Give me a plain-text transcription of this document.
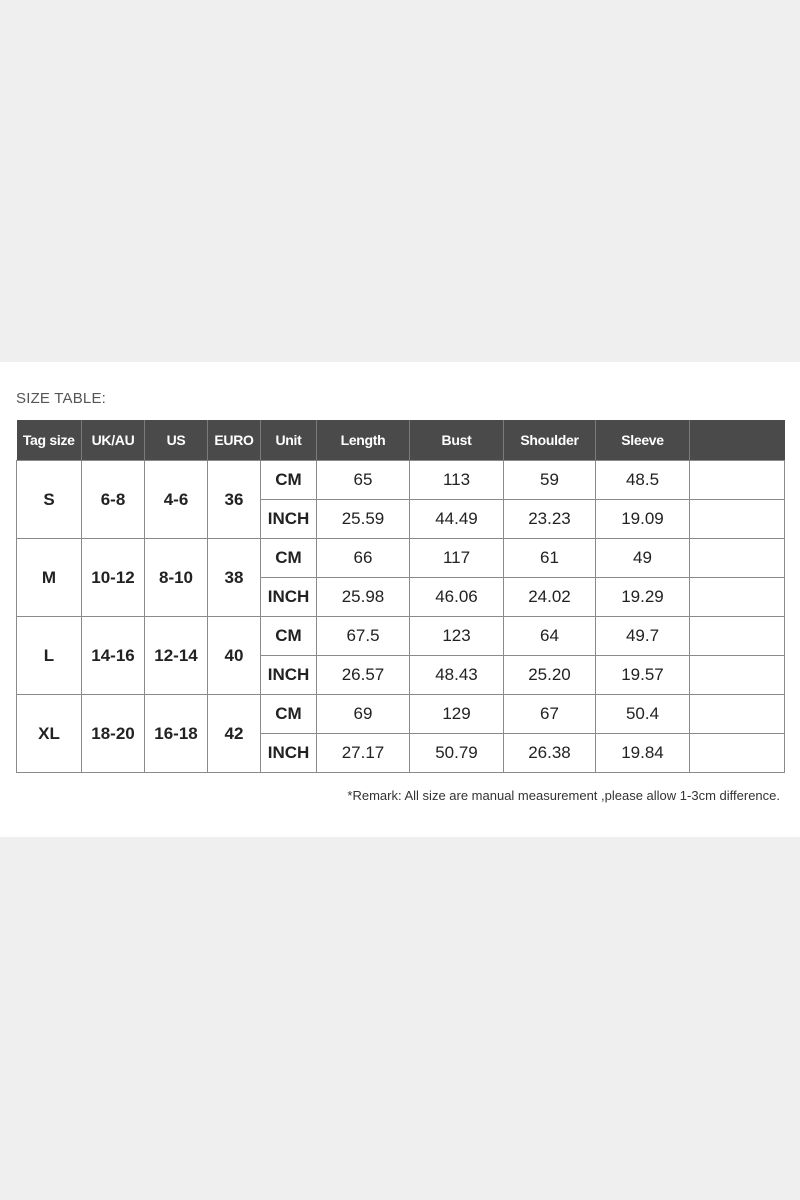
SIZE TABLE:
Tag size	UK/AU	US	EURO	Unit	Length	Bust	Shoulder	Sleeve	
S	6-8	4-6	36	CM	65	113	59	48.5	
				INCH	25.59	44.49	23.23	19.09	
M	10-12	8-10	38	CM	66	117	61	49	
				INCH	25.98	46.06	24.02	19.29	
L	14-16	12-14	40	CM	67.5	123	64	49.7	
				INCH	26.57	48.43	25.20	19.57	
XL	18-20	16-18	42	CM	69	129	67	50.4	
				INCH	27.17	50.79	26.38	19.84	
*Remark: All size are manual measurement ,please allow 1-3cm difference.
